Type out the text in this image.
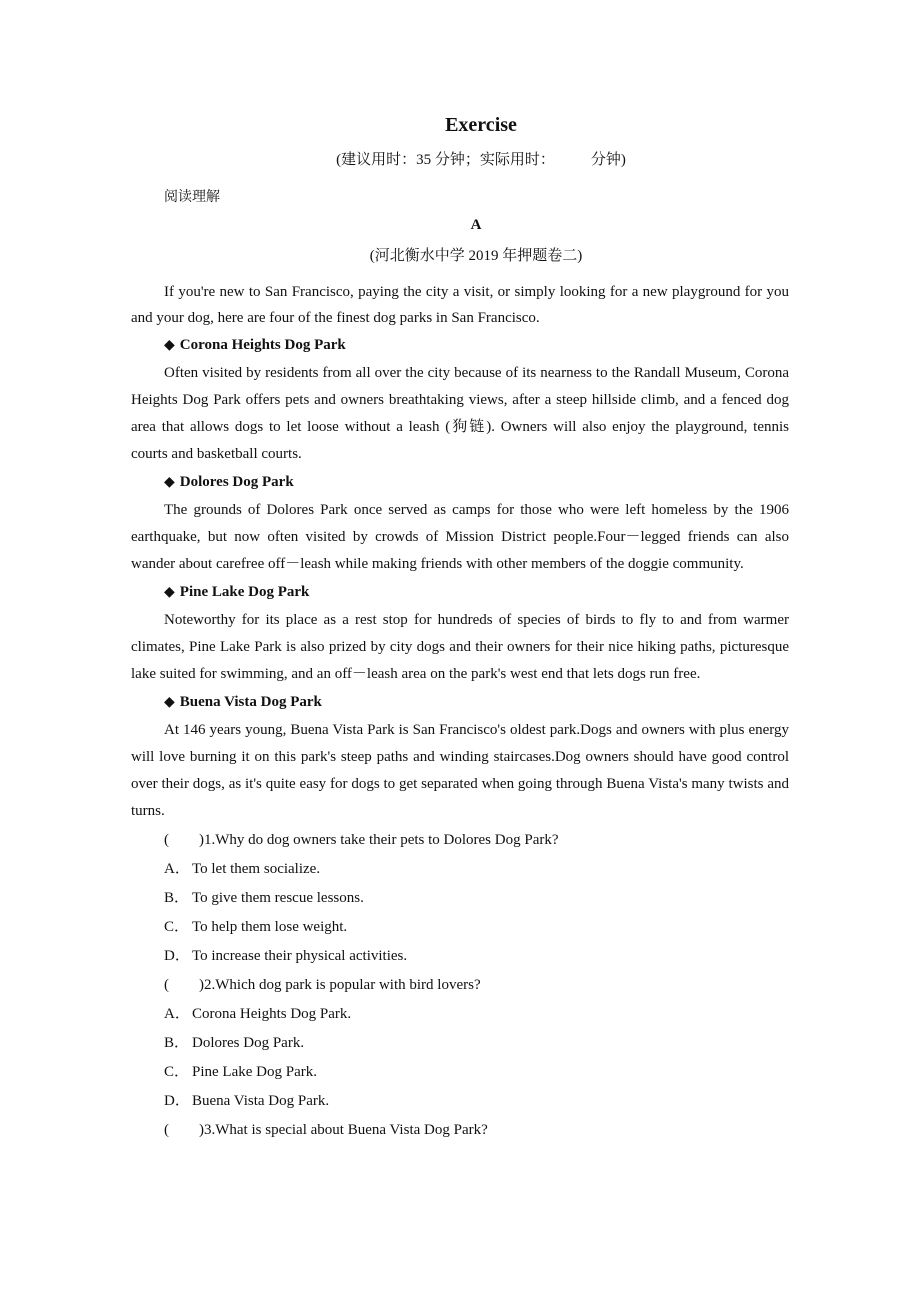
Exercise
(建议用时：35 分钟；实际用时： 分钟)
阅读理解
A
(河北衡水中学 2019 年押题卷二)

If you're new to San Francisco, paying the city a visit, or simply looking for a new playground for you and your dog, here are four of the finest dog parks in San Francisco.

◆ Corona Heights Dog Park

Often visited by residents from all over the city because of its nearness to the Randall Museum, Corona Heights Dog Park offers pets and owners breathtaking views, after a steep hillside climb, and a fenced dog area that allows dogs to let loose without a leash (狗链). Owners will also enjoy the playground, tennis courts and basketball courts.

◆ Dolores Dog Park

The grounds of Dolores Park once served as camps for those who were left homeless by the 1906 earthquake, but now often visited by crowds of Mission District people.Four－legged friends can also wander about carefree off－leash while making friends with other members of the doggie community.

◆ Pine Lake Dog Park

Noteworthy for its place as a rest stop for hundreds of species of birds to fly to and from warmer climates, Pine Lake Park is also prized by city dogs and their owners for their nice hiking paths, picturesque lake suited for swimming, and an off－leash area on the park's west end that lets dogs run free.

◆ Buena Vista Dog Park

At 146 years young, Buena Vista Park is San Francisco's oldest park.Dogs and owners with plus energy will love burning it on this park's steep paths and winding staircases.Dog owners should have good control over their dogs, as it's quite easy for dogs to get separated when going through Buena Vista's many twists and turns.

( )1.Why do dog owners take their pets to Dolores Dog Park?
A． To let them socialize.
B． To give them rescue lessons.
C． To help them lose weight.
D． To increase their physical activities.
( )2.Which dog park is popular with bird lovers?
A． Corona Heights Dog Park.
B． Dolores Dog Park.
C． Pine Lake Dog Park.
D． Buena Vista Dog Park.
( )3.What is special about Buena Vista Dog Park?
